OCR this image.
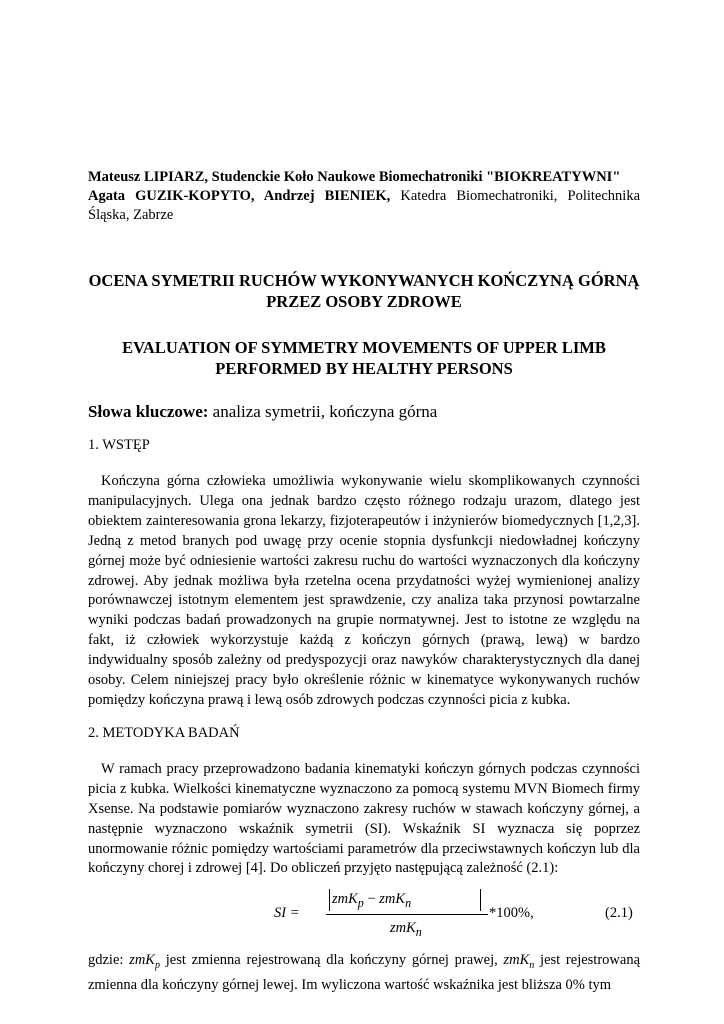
Mateusz LIPIARZ, Studenckie Koło Naukowe Biomechatroniki "BIOKREATYWNI"
Agata GUZIK-KOPYTO, Andrzej BIENIEK, Katedra Biomechatroniki, Politechnika Śląska, Zabrze

OCENA SYMETRII RUCHÓW WYKONYWANYCH KOŃCZYNĄ GÓRNĄ PRZEZ OSOBY ZDROWE

EVALUATION OF SYMMETRY MOVEMENTS OF UPPER LIMB PERFORMED BY HEALTHY PERSONS

Słowa kluczowe: analiza symetrii, kończyna górna
1. WSTĘP
Kończyna górna człowieka umożliwia wykonywanie wielu skomplikowanych czynności manipulacyjnych. Ulega ona jednak bardzo często różnego rodzaju urazom, dlatego jest obiektem zainteresowania grona lekarzy, fizjoterapeutów i inżynierów biomedycznych [1,2,3]. Jedną z metod branych pod uwagę przy ocenie stopnia dysfunkcji niedowładnej kończyny górnej może być odniesienie wartości zakresu ruchu do wartości wyznaczonych dla kończyny zdrowej. Aby jednak możliwa była rzetelna ocena przydatności wyżej wymienionej analizy porównawczej istotnym elementem jest sprawdzenie, czy analiza taka przynosi powtarzalne wyniki podczas badań prowadzonych na grupie normatywnej. Jest to istotne ze względu na fakt, iż człowiek wykorzystuje każdą z kończyn górnych (prawą, lewą) w bardzo indywidualny sposób zależny od predyspozycji oraz nawyków charakterystycznych dla danej osoby. Celem niniejszej pracy było określenie różnic w kinematyce wykonywanych ruchów pomiędzy kończyna prawą i lewą osób zdrowych podczas czynności picia z kubka.
2. METODYKA BADAŃ
W ramach pracy przeprowadzono badania kinematyki kończyn górnych podczas czynności picia z kubka. Wielkości kinematyczne wyznaczono za pomocą systemu MVN Biomech firmy Xsense. Na podstawie pomiarów wyznaczono zakresy ruchów w stawach kończyny górnej, a następnie wyznaczono wskaźnik symetrii (SI). Wskaźnik SI wyznacza się poprzez unormowanie różnic pomiędzy wartościami parametrów dla przeciwstawnych kończyn lub dla kończyny chorej i zdrowej [4]. Do obliczeń przyjęto następującą zależność (2.1):
SI =
zmK$_p$ − zmK$_n$
zmK$_n$
*100%,	(2.1)
gdzie: zmK$_p$ jest zmienna rejestrowaną dla kończyny górnej prawej, zmK$_n$ jest rejestrowaną zmienna dla kończyny górnej lewej. Im wyliczona wartość wskaźnika jest bliższa 0% tym
